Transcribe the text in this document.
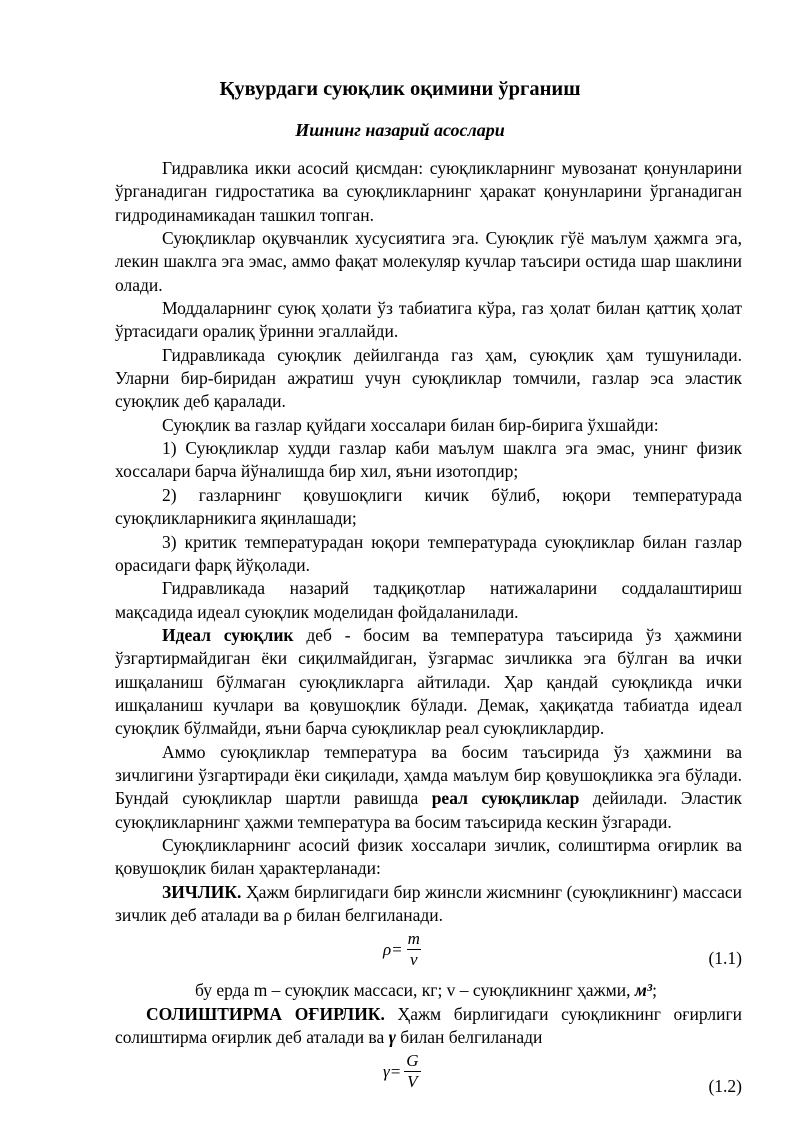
Қувурдаги суюқлик оқимини ўрганиш
Ишнинг назарий асослари

Гидравлика икки асосий қисмдан: суюқликларнинг мувозанат қонунларини ўрганадиган гидростатика ва суюқликларнинг ҳаракат қонунларини ўрганадиган гидродинамикадан ташкил топган.

Суюқликлар оқувчанлик хусусиятига эга. Суюқлик гўё маълум ҳажмга эга, лекин шаклга эга эмас, аммо фақат молекуляр кучлар таъсири остида шар шаклини олади.

Моддаларнинг суюқ ҳолати ўз табиатига кўра, газ ҳолат билан қаттиқ ҳолат ўртасидаги оралиқ ўринни эгаллайди.

Гидравликада суюқлик дейилганда газ ҳам, суюқлик ҳам тушунилади. Уларни бир-биридан ажратиш учун суюқликлар томчили, газлар эса эластик суюқлик деб қаралади.

Суюқлик ва газлар қуйдаги хоссалари билан бир-бирига ўхшайди:

1) Суюқликлар худди газлар каби маълум шаклга эга эмас, унинг физик хоссалари барча йўналишда бир хил, яъни изотопдир;

2) газларнинг қовушоқлиги кичик бўлиб, юқори температурада суюқликларникига яқинлашади;

3) критик температурадан юқори температурада суюқликлар билан газлар орасидаги фарқ йўқолади.

Гидравликада назарий тадқиқотлар натижаларини соддалаштириш мақсадида идеал суюқлик моделидан фойдаланилади.

Идеал суюқлик деб - босим ва температура таъсирида ўз ҳажмини ўзгартирмайдиган ёки сиқилмайдиган, ўзгармас зичликка эга бўлган ва ички ишқаланиш бўлмаган суюқликларга айтилади. Ҳар қандай суюқликда ички ишқаланиш кучлари ва қовушоқлик бўлади. Демак, ҳақиқатда табиатда идеал суюқлик бўлмайди, яъни барча суюқликлар реал суюқликлардир.

Аммо суюқликлар температура ва босим таъсирида ўз ҳажмини ва зичлигини ўзгартиради ёки сиқилади, ҳамда маълум бир қовушоқликка эга бўлади. Бундай суюқликлар шартли равишда реал суюқликлар дейилади. Эластик суюқликларнинг ҳажми температура ва босим таъсирида кескин ўзгаради.

Суюқликларнинг асосий физик хоссалари зичлик, солиштирма оғирлик ва қовушоқлик билан ҳарактерланади:

ЗИЧЛИК. Ҳажм бирлигидаги бир жинсли жисмнинг (суюқликнинг) массаси зичлик деб аталади ва ρ билан белгиланади.

$\rho = \frac{m}{v}$	(1.1)

бу ерда m – суюқлик массаси, кг; v – суюқликнинг ҳажми, м³;

СОЛИШТИРМА ОҒИРЛИК. Ҳажм бирлигидаги суюқликнинг оғирлиги солиштирма оғирлик деб аталади ва γ билан белгиланади

$\gamma = \frac{G}{V}$	(1.2)
